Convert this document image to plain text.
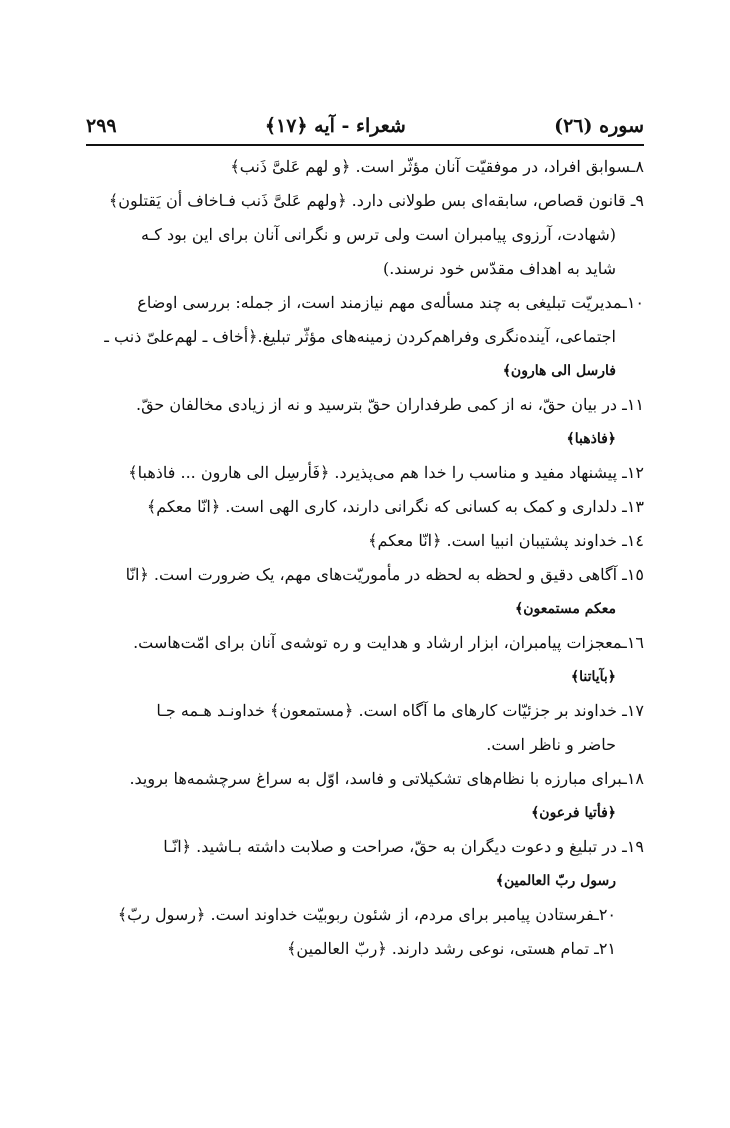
سوره (٢٦)
شعراء - آیه ﴿١٧﴾
٢٩٩
٨ـسوابق افراد، در موفقیّت آنان مؤثّر است. ﴿و لهم عَلیَّ ذَنب﴾
٩ـ قانون قصاص، سابقه‌ای بس طولانی دارد. ﴿ولهم عَلیَّ ذَنب فـاخاف أن یَقتلون﴾
(شهادت، آرزوی پیامبران است ولی ترس و نگرانی آنان برای این بود کـه
شاید به اهداف مقدّس خود نرسند.)
١٠ـمدیریّت تبلیغی به چند مسأله‌ی مهم نیازمند است، از جمله: بررسی اوضاع
اجتماعی، آینده‌نگری وفراهم‌کردن زمینه‌های مؤثّر تبلیغ.﴿أخاف ـ لهم‌علیّ ذنب ـ
فارسل الی هارون﴾
١١ـ در بیان حقّ، نه از کمی طرفداران حقّ بترسید و نه از زیادی مخالفان حقّ.
﴿فاذهبا﴾
١٢ـ پیشنهاد مفید و مناسب را خدا هم می‌پذیرد. ﴿فَأرسِل الی هارون ... فاذهبا﴾
١٣ـ دلداری و کمک به کسانی که نگرانی دارند، کاری الهی است. ﴿انّا معکم﴾
١٤ـ خداوند پشتیبان انبیا است. ﴿انّا معکم﴾
١٥ـ آگاهی دقیق و لحظه به لحظه در مأموریّت‌های مهم، یک ضرورت است. ﴿انّا
معکم مستمعون﴾
١٦ـمعجزات پیامبران، ابزار ارشاد و هدایت و ره توشه‌ی آنان برای امّت‌هاست.
﴿بآیاتنا﴾
١٧ـ خداوند بر جزئیّات کارهای ما آگاه است. ﴿مستمعون﴾ خداونـد هـمه جـا
حاضر و ناظر است.
١٨ـبرای مبارزه با نظام‌های تشکیلاتی و فاسد، اوّل به سراغ سرچشمه‌ها بروید.
﴿فأتیا فرعون﴾
١٩ـ در تبلیغ و دعوت دیگران به حقّ، صراحت و صلابت داشته بـاشید. ﴿انّـا
رسول ربّ العالمین﴾
٢٠ـفرستادن پیامبر برای مردم، از شئون ربوبیّت خداوند است. ﴿رسول ربّ﴾
٢١ـ تمام هستی، نوعی رشد دارند. ﴿ربّ العالمین﴾
